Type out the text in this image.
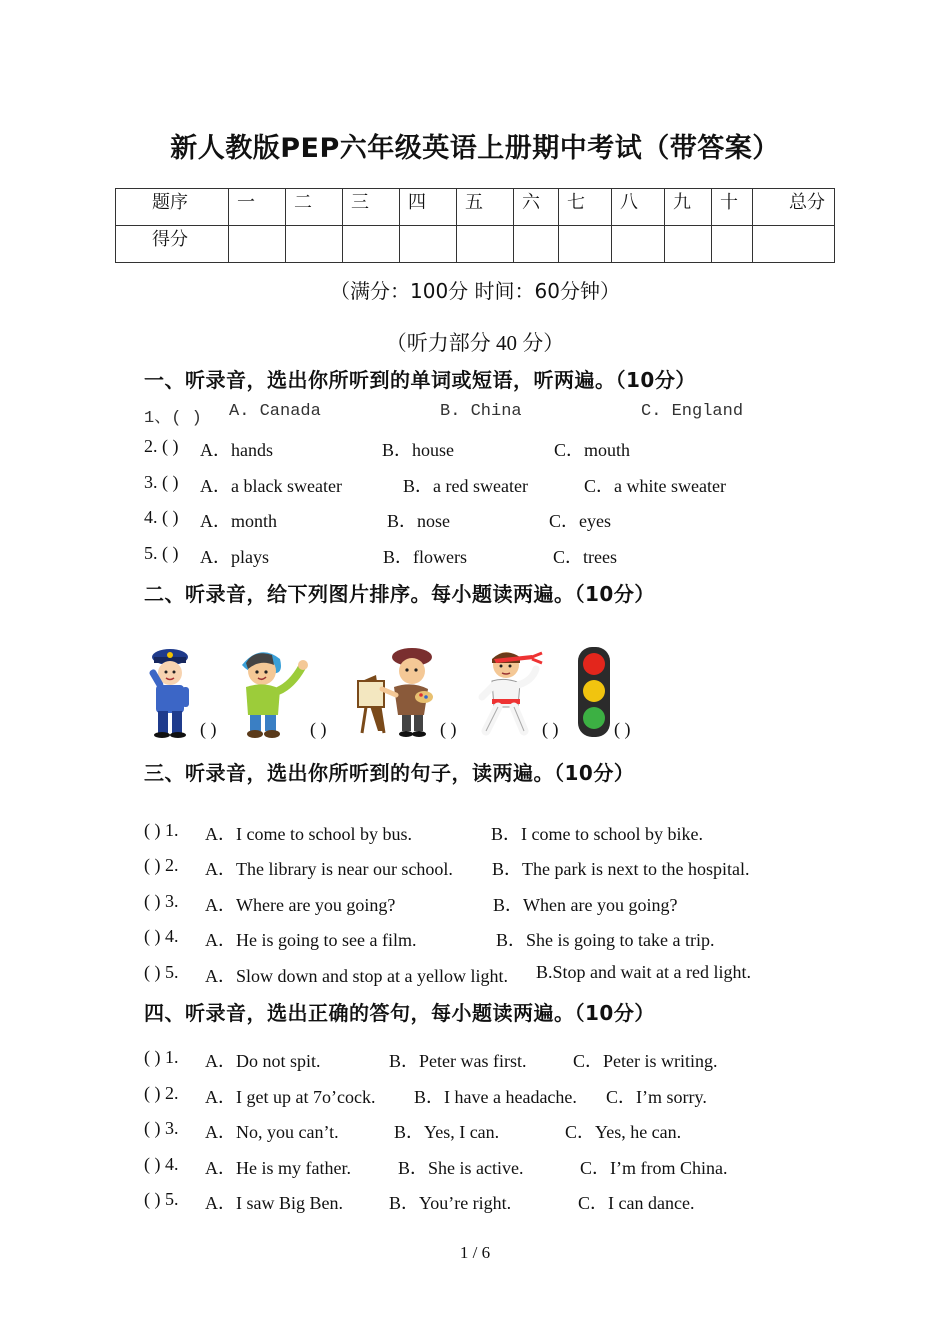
新人教版PEP六年级英语上册期中考试（带答案）
题序	一	二	三	四	五	六	七	八	九	十	总分
得分											
（满分：100分 时间：60分钟）
（听力部分 40 分）
一、听录音，选出你所听到的单词或短语，听两遍。（10分）
1、( ) A. Canada	B. China	C. England
2. ( ) A．hands	B．house	C．mouth
3. ( ) A．a black sweater	B．a red sweater	C．a white sweater
4. ( ) A．month	B．nose	C．eyes
5. ( ) A．plays	B．flowers	C．trees
二、听录音，给下列图片排序。每小题读两遍。（10分）
( )	( )	( )	( )	( )
三、听录音，选出你所听到的句子，读两遍。（10分）
( ) 1. A．I come to school by bus.	B．I come to school by bike.
( ) 2. A．The library is near our school. B．The park is next to the hospital.
( ) 3. A．Where are you going?	B．When are you going?
( ) 4. A．He is going to see a film.	B．She is going to take a trip.
( ) 5. A．Slow down and stop at a yellow light. B.Stop and wait at a red light.
四、听录音，选出正确的答句，每小题读两遍。（10分）
( ) 1. A．Do not spit.	B．Peter was first.	C．Peter is writing.
( ) 2. A．I get up at 7o’cock. B．I have a headache. C．I’m sorry.
( ) 3. A．No, you can’t.	B．Yes, I can.	C．Yes, he can.
( ) 4. A．He is my father.	B．She is active.	C．I’m from China.
( ) 5. A．I saw Big Ben.	B．You’re right.	C．I can dance.
1 / 6
